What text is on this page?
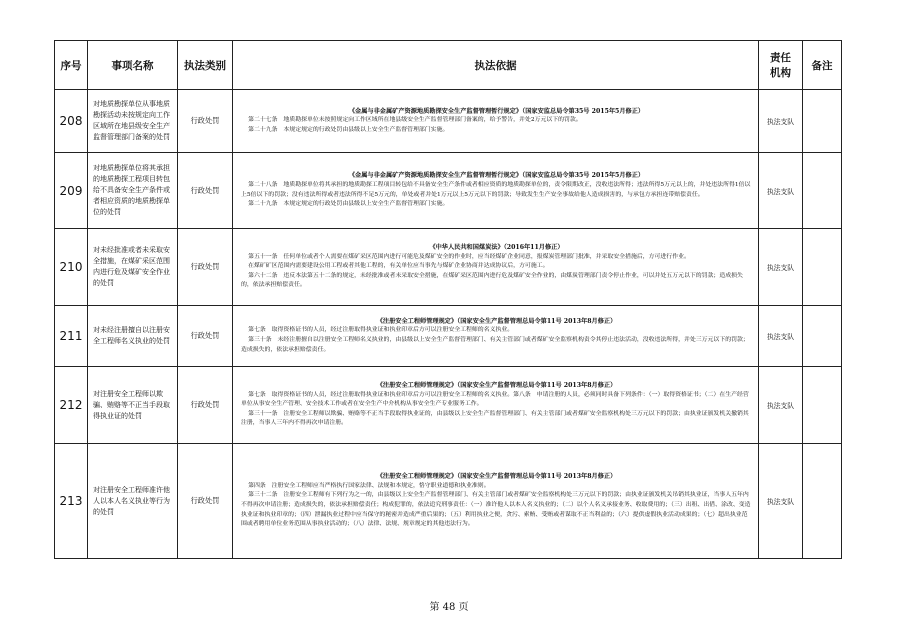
序号	事项名称	执法类别	执法依据	责任
机构	备注
208	对地质勘探单位从事地质勘探活动未按规定向工作区域所在地县级安全生产监督管理部门备案的处罚	行政处罚	《金属与非金属矿产资源地质勘探安全生产监督管理暂行规定》（国家安监总局令第35号 2015年5月修正）
第二十七条　地质勘探单位未按照规定向工作区域所在地县级安全生产监督管理部门备案的，给予警告，并处2万元以下的罚款。
第二十九条　本规定规定的行政处罚由县级以上安全生产监督管理部门实施。	执法支队	
209	对地质勘探单位将其承担的地质勘探工程项目转包给不具备安全生产条件或者相应资质的地质勘探单位的处罚	行政处罚	《金属与非金属矿产资源地质勘探安全生产监督管理暂行规定》（国家安监总局令第35号 2015年5月修正）
第二十八条　地质勘探单位将其承担的地质勘探工程项目转包给不具备安全生产条件或者相应资质的地质勘探单位的，责令限期改正，没收违法所得；违法所得5万元以上的，并处违法所得1倍以上5倍以下的罚款；没有违法所得或者违法所得不足5万元的，单处或者并处1万元以上5万元以下的罚款；导致发生生产安全事故给他人造成损害的，与承包方承担连带赔偿责任。
第二十九条　本规定规定的行政处罚由县级以上安全生产监督管理部门实施。	执法支队	
210	对未经批准或者未采取安全措施，在煤矿采区范围内进行危及煤矿安全作业的处罚	行政处罚	《中华人民共和国煤炭法》（2016年11月修正）
第五十一条　任何单位或者个人需要在煤矿采区范围内进行可能危及煤矿安全的作业时，应当经煤矿企业同意，报煤炭管理部门批准，并采取安全措施后，方可进行作业。
在煤矿矿区范围内需要建设公用工程或者其他工程的，有关单位应当事先与煤矿企业协商并达成协议后，方可施工。
第六十二条　违反本法第五十二条的规定，未经批准或者未采取安全措施，在煤矿采区范围内进行危及煤矿安全作业的，由煤炭管理部门责令停止作业，可以并处五万元以下的罚款；造成损失的，依法承担赔偿责任。	执法支队	
211	对未经注册擅自以注册安全工程师名义执业的处罚	行政处罚	《注册安全工程师管理规定》（国家安全生产监督管理总局令第11号 2013年8月修正）
第七条　取得资格证书的人员，经过注册取得执业证和执业印章后方可以注册安全工程师的名义执业。
第三十条　未经注册擅自以注册安全工程师名义执业的，由县级以上安全生产监督管理部门、有关主管部门或者煤矿安全监察机构责令其停止违法活动，没收违法所得，并处三万元以下的罚款；造成损失的，依法承担赔偿责任。	执法支队	
212	对注册安全工程师以欺骗、贿赂等不正当手段取得执业证的处罚	行政处罚	《注册安全工程师管理规定》（国家安全生产监督管理总局令第11号 2013年8月修正）
第七条　取得资格证书的人员，经过注册取得执业证和执业印章后方可以注册安全工程师的名义执业。第八条　申请注册的人员，必须同时具备下列条件：（一）取得资格证书；（二）在生产经营单位从事安全生产管理、安全技术工作或者在安全生产中介机构从事安全生产专业服务工作。
第三十一条　注册安全工程师以欺骗、贿赂等不正当手段取得执业证的，由县级以上安全生产监督管理部门、有关主管部门或者煤矿安全监察机构处三万元以下的罚款；由执业证颁发机关撤销其注册，当事人三年内不得再次申请注册。	执法支队	
213	对注册安全工程师准许他人以本人名义执业等行为的处罚	行政处罚	《注册安全工程师管理规定》（国家安全生产监督管理总局令第11号 2013年8月修正）
第四条　注册安全工程师应当严格执行国家法律、法规和本规定，恪守职业道德和执业准则。
第三十二条　注册安全工程师有下列行为之一的，由县级以上安全生产监督管理部门、有关主管部门或者煤矿安全监察机构处三万元以下的罚款；由执业证颁发机关吊销其执业证，当事人五年内不得再次申请注册；造成损失的，依法承担赔偿责任；构成犯罪的，依法追究刑事责任：（一）准许他人以本人名义执业的；（二）以个人名义承接业务、收取费用的；（三）出租、出借、涂改、变造执业证和执业印章的；（四）泄漏执业过程中应当保守的秘密并造成严重后果的；（五）利用执业之便，贪污、索贿、受贿或者谋取不正当利益的；（六）提供虚假执业活动成果的；（七）超出执业范围或者聘用单位业务范围从事执业活动的；（八）法律、法规、规章规定的其他违法行为。	执法支队	
第 48 页
